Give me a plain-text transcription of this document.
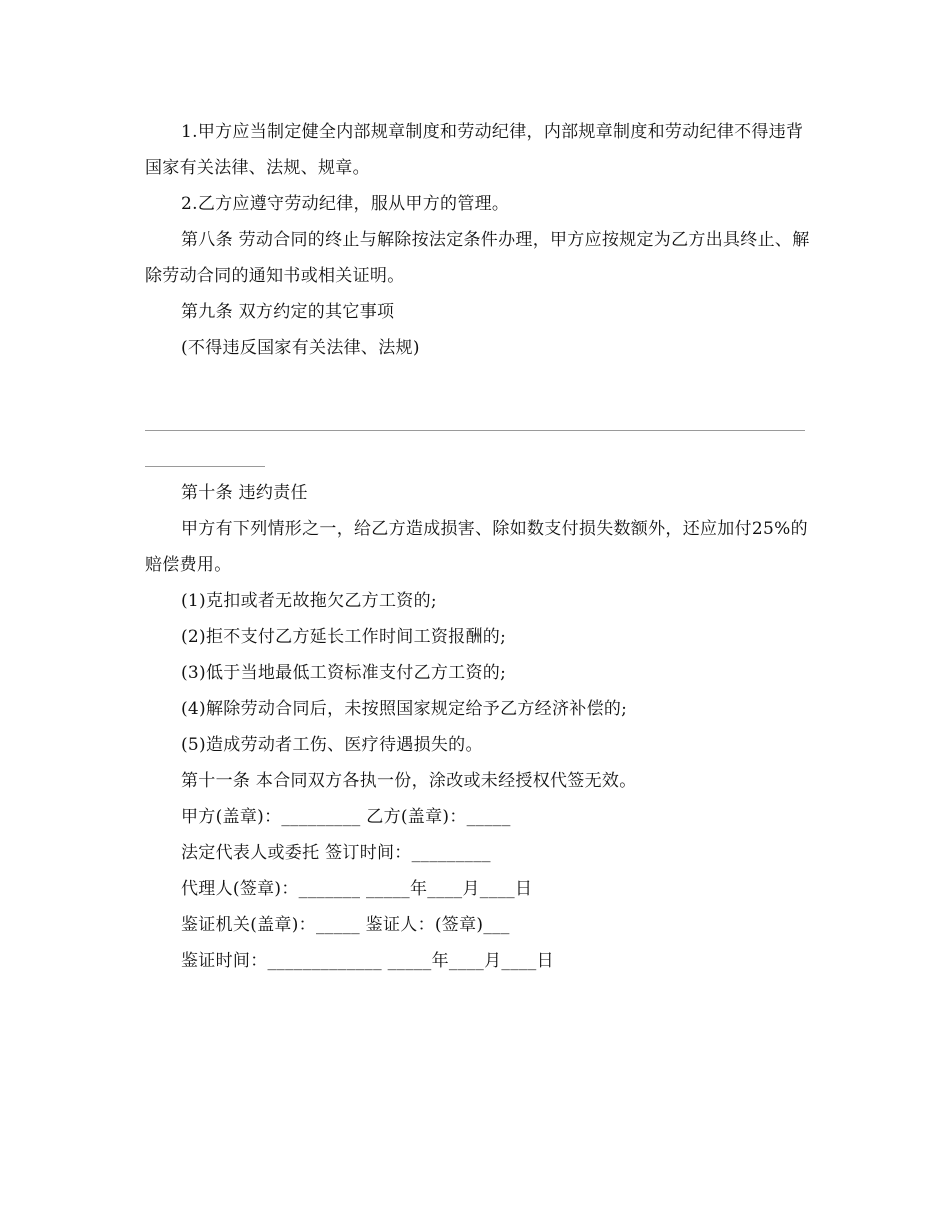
1.甲方应当制定健全内部规章制度和劳动纪律，内部规章制度和劳动纪律不得违背国家有关法律、法规、规章。
2.乙方应遵守劳动纪律，服从甲方的管理。
第八条 劳动合同的终止与解除按法定条件办理，甲方应按规定为乙方出具终止、解除劳动合同的通知书或相关证明。
第九条 双方约定的其它事项
(不得违反国家有关法律、法规)
第十条 违约责任
甲方有下列情形之一，给乙方造成损害、除如数支付损失数额外，还应加付25%的赔偿费用。
(1)克扣或者无故拖欠乙方工资的;
(2)拒不支付乙方延长工作时间工资报酬的;
(3)低于当地最低工资标准支付乙方工资的;
(4)解除劳动合同后，未按照国家规定给予乙方经济补偿的;
(5)造成劳动者工伤、医疗待遇损失的。
第十一条 本合同双方各执一份，涂改或未经授权代签无效。
甲方(盖章)：_________ 乙方(盖章)：_____
法定代表人或委托 签订时间：_________
代理人(签章)：_______ _____年____月____日
鉴证机关(盖章)：_____ 鉴证人：(签章)___
鉴证时间：_____________ _____年____月____日
